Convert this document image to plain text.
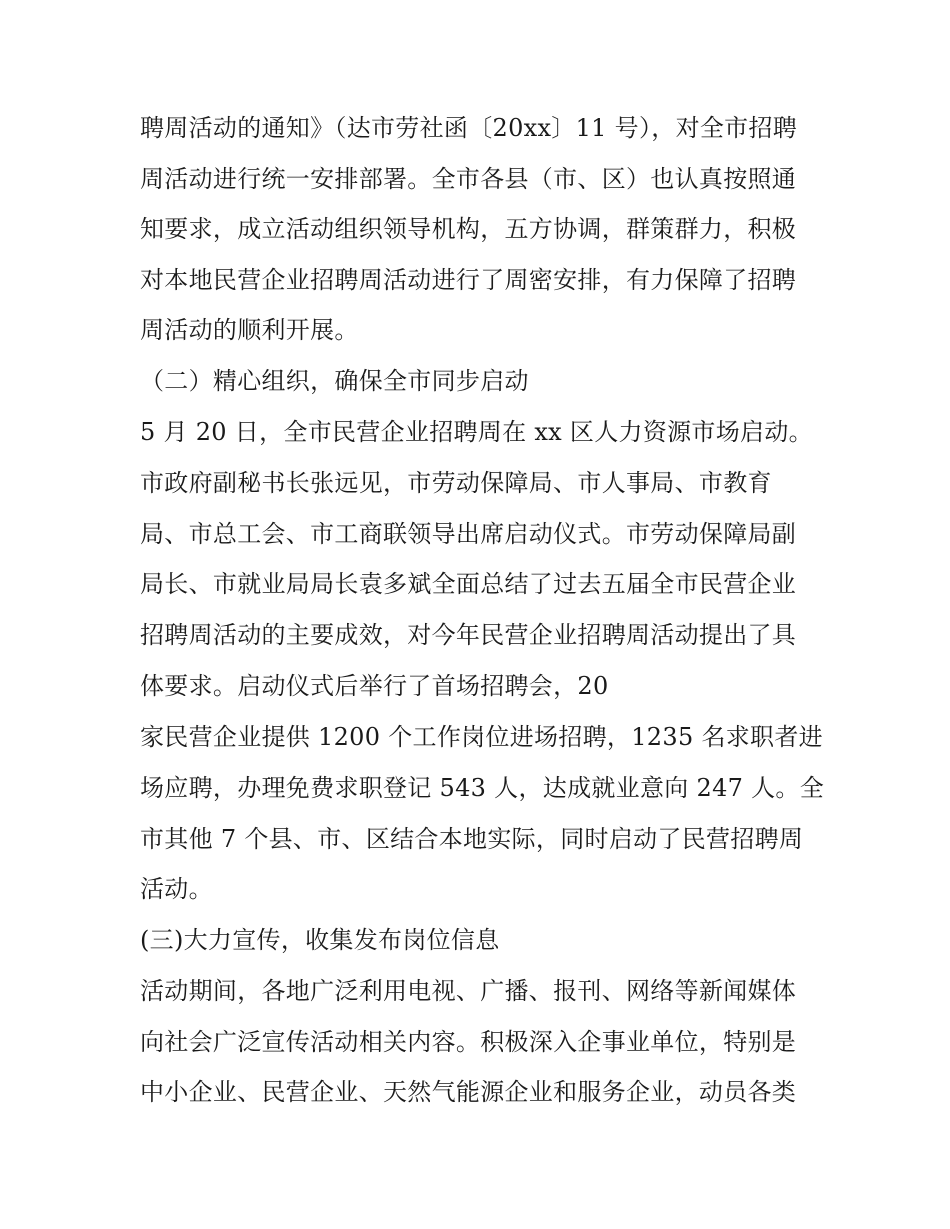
聘周活动的通知》（达市劳社函〔20xx〕11 号），对全市招聘

周活动进行统一安排部署。全市各县（市、区）也认真按照通

知要求，成立活动组织领导机构，五方协调，群策群力，积极

对本地民营企业招聘周活动进行了周密安排，有力保障了招聘

周活动的顺利开展。

（二）精心组织，确保全市同步启动

5 月 20 日，全市民营企业招聘周在 xx 区人力资源市场启动。

市政府副秘书长张远见，市劳动保障局、市人事局、市教育

局、市总工会、市工商联领导出席启动仪式。市劳动保障局副

局长、市就业局局长袁多斌全面总结了过去五届全市民营企业

招聘周活动的主要成效，对今年民营企业招聘周活动提出了具

体要求。启动仪式后举行了首场招聘会，20

家民营企业提供 1200 个工作岗位进场招聘，1235 名求职者进

场应聘，办理免费求职登记 543 人，达成就业意向 247 人。全

市其他 7 个县、市、区结合本地实际，同时启动了民营招聘周

活动。

(三)大力宣传，收集发布岗位信息

活动期间，各地广泛利用电视、广播、报刊、网络等新闻媒体

向社会广泛宣传活动相关内容。积极深入企事业单位，特别是

中小企业、民营企业、天然气能源企业和服务企业，动员各类
